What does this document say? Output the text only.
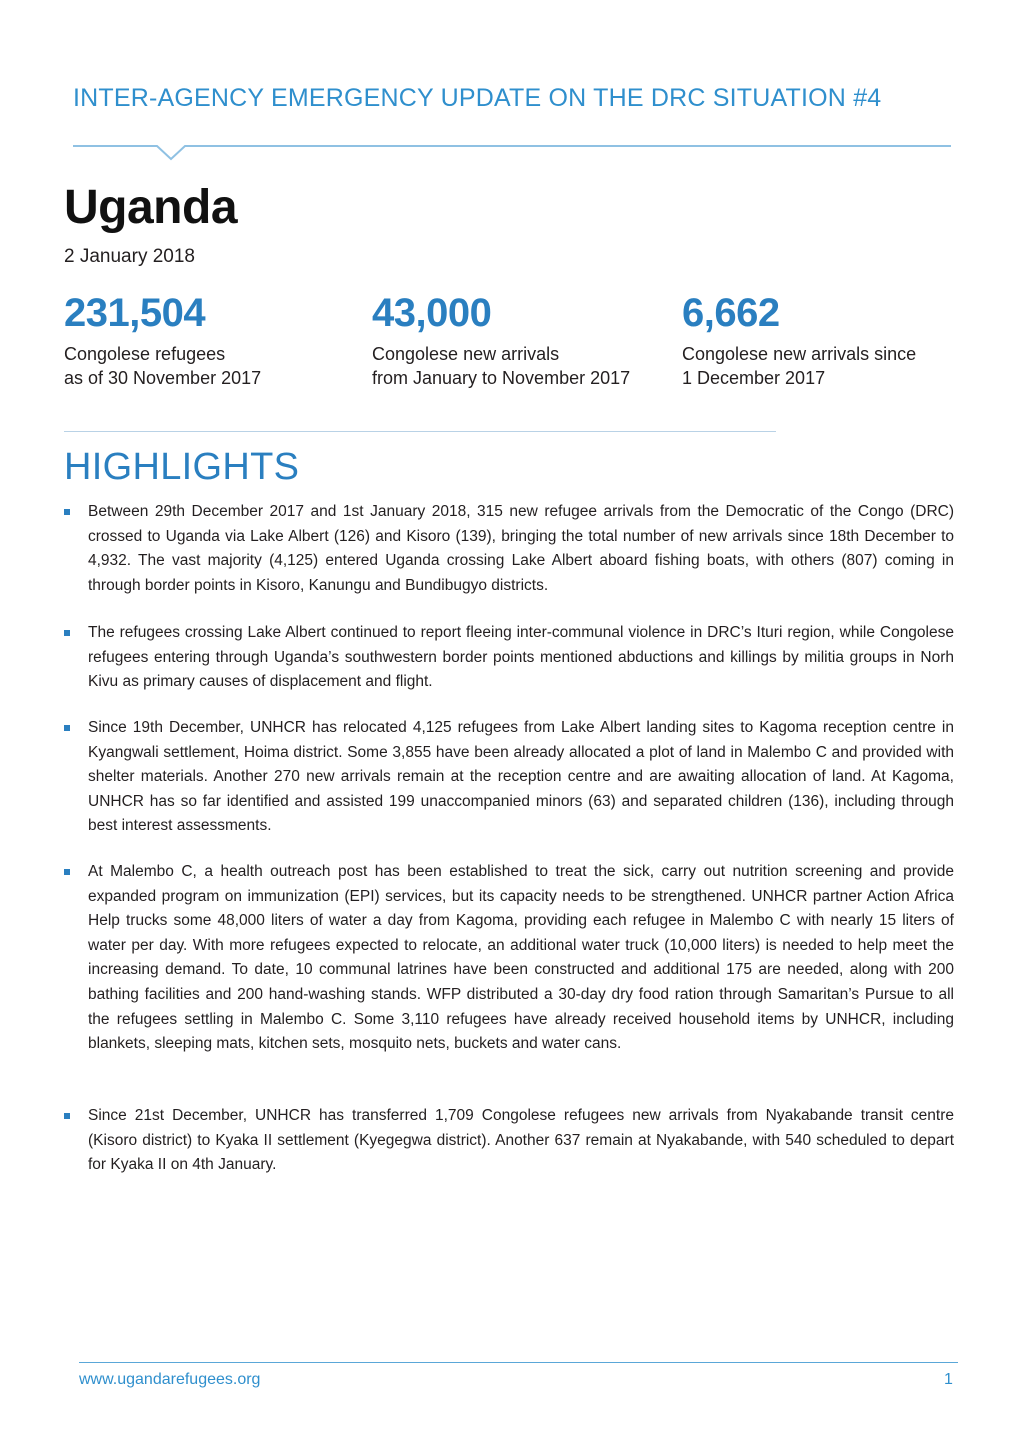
INTER-AGENCY EMERGENCY UPDATE ON THE DRC SITUATION #4
Uganda
2 January 2018
231,504
Congolese refugees
as of 30 November 2017
43,000
Congolese new arrivals
from January to November 2017
6,662
Congolese new arrivals since
1 December 2017
HIGHLIGHTS
Between 29th December 2017 and 1st January 2018, 315 new refugee arrivals from the Democratic of the Congo (DRC) crossed to Uganda via Lake Albert (126) and Kisoro (139), bringing the total number of new arrivals since 18th December to 4,932. The vast majority (4,125) entered Uganda crossing Lake Albert aboard fishing boats, with others (807) coming in through border points in Kisoro, Kanungu and Bundibugyo districts.
The refugees crossing Lake Albert continued to report fleeing inter-communal violence in DRC’s Ituri region, while Congolese refugees entering through Uganda’s southwestern border points mentioned abductions and killings by militia groups in Norh Kivu as primary causes of displacement and flight.
Since 19th December, UNHCR has relocated 4,125 refugees from Lake Albert landing sites to Kagoma reception centre in Kyangwali settlement, Hoima district. Some 3,855 have been already allocated a plot of land in Malembo C and provided with shelter materials. Another 270 new arrivals remain at the reception centre and are awaiting allocation of land. At Kagoma, UNHCR has so far identified and assisted 199 unaccompanied minors (63) and separated children (136), including through best interest assessments.
At Malembo C, a health outreach post has been established to treat the sick, carry out nutrition screening and provide expanded program on immunization (EPI) services, but its capacity needs to be strengthened. UNHCR partner Action Africa Help trucks some 48,000 liters of water a day from Kagoma, providing each refugee in Malembo C with nearly 15 liters of water per day. With more refugees expected to relocate, an additional water truck (10,000 liters) is needed to help meet the increasing demand. To date, 10 communal latrines have been constructed and additional 175 are needed, along with 200 bathing facilities and 200 hand-washing stands. WFP distributed a 30-day dry food ration through Samaritan’s Pursue to all the refugees settling in Malembo C. Some 3,110 refugees have already received household items by UNHCR, including blankets, sleeping mats, kitchen sets, mosquito nets, buckets and water cans.
Since 21st December, UNHCR has transferred 1,709 Congolese refugees new arrivals from Nyakabande transit centre (Kisoro district) to Kyaka II settlement (Kyegegwa district). Another 637 remain at Nyakabande, with 540 scheduled to depart for Kyaka II on 4th January.
www.ugandarefugees.org	1
